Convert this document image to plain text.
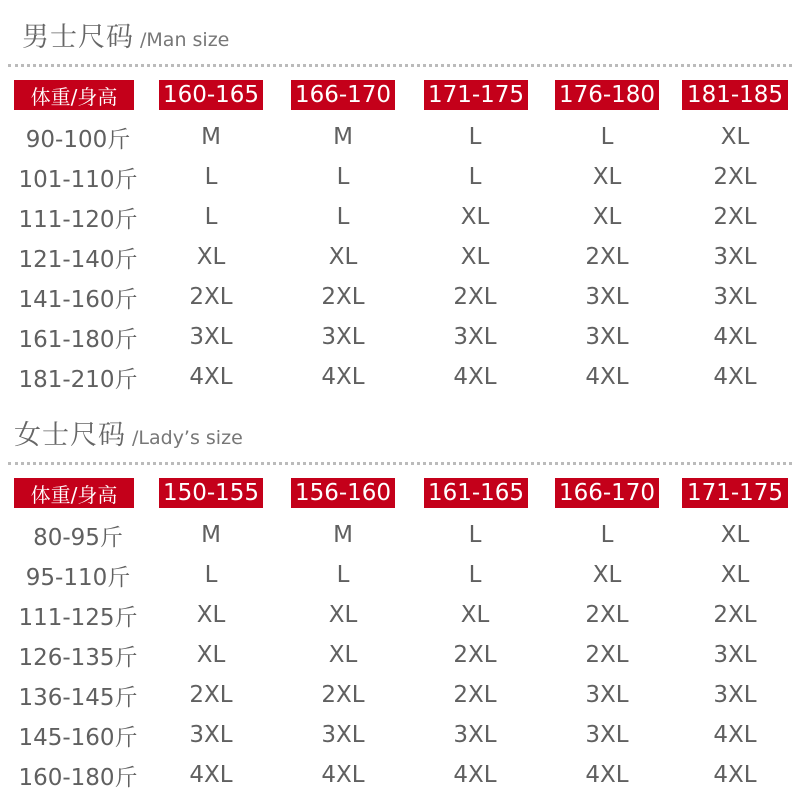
男士尺码 /Man size
体重/身高	160-165 166-170 171-175 176-180 181-185
90-100斤	M	M	L	L	XL
101-110斤	L	L	L	XL	2XL
111-120斤	L	L	XL	XL	2XL
121-140斤	XL	XL	XL	2XL	3XL
141-160斤	2XL	2XL	2XL	3XL	3XL
161-180斤	3XL	3XL	3XL	3XL	4XL
181-210斤	4XL	4XL	4XL	4XL	4XL
女士尺码 /Lady’s size
体重/身高	150-155 156-160 161-165 166-170 171-175
80-95斤	M	M	L	L	XL
95-110斤	L	L	L	XL	XL
111-125斤	XL	XL	XL	2XL	2XL
126-135斤	XL	XL	2XL	2XL	3XL
136-145斤	2XL	2XL	2XL	3XL	3XL
145-160斤	3XL	3XL	3XL	3XL	4XL
160-180斤	4XL	4XL	4XL	4XL	4XL
